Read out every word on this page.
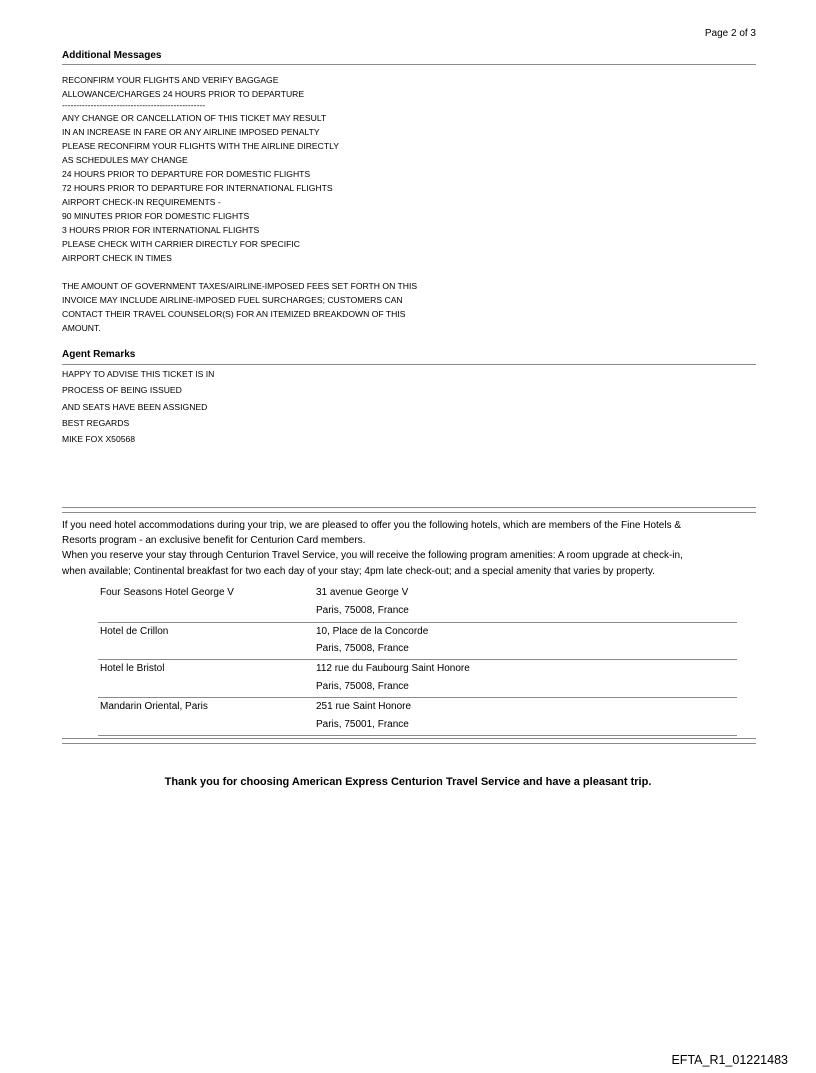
Page 2 of 3
Additional Messages
RECONFIRM YOUR FLIGHTS AND VERIFY BAGGAGE
ALLOWANCE/CHARGES 24 HOURS PRIOR TO DEPARTURE
--------------------------------------------------
ANY CHANGE OR CANCELLATION OF THIS TICKET MAY RESULT
IN AN INCREASE IN FARE OR ANY AIRLINE IMPOSED PENALTY
PLEASE RECONFIRM YOUR FLIGHTS WITH THE AIRLINE DIRECTLY
AS SCHEDULES MAY CHANGE
24 HOURS PRIOR TO DEPARTURE FOR DOMESTIC FLIGHTS
72 HOURS PRIOR TO DEPARTURE FOR INTERNATIONAL FLIGHTS
AIRPORT CHECK-IN REQUIREMENTS -
90 MINUTES PRIOR FOR DOMESTIC FLIGHTS
3 HOURS PRIOR FOR INTERNATIONAL FLIGHTS
PLEASE CHECK WITH CARRIER DIRECTLY FOR SPECIFIC
AIRPORT CHECK IN TIMES
THE AMOUNT OF GOVERNMENT TAXES/AIRLINE-IMPOSED FEES SET FORTH ON THIS
INVOICE MAY INCLUDE AIRLINE-IMPOSED FUEL SURCHARGES; CUSTOMERS CAN
CONTACT THEIR TRAVEL COUNSELOR(S) FOR AN ITEMIZED BREAKDOWN OF THIS
AMOUNT.
Agent Remarks
HAPPY TO ADVISE THIS TICKET IS IN
PROCESS OF BEING ISSUED
AND SEATS HAVE BEEN ASSIGNED
BEST REGARDS
MIKE FOX X50568
If you need hotel accommodations during your trip, we are pleased to offer you the following hotels, which are members of the Fine Hotels &
Resorts program - an exclusive benefit for Centurion Card members.
When you reserve your stay through Centurion Travel Service, you will receive the following program amenities: A room upgrade at check-in,
when available; Continental breakfast for two each day of your stay; 4pm late check-out; and a special amenity that varies by property.
Four Seasons Hotel George V	31 avenue George V
Paris, 75008, France
Hotel de Crillon	10, Place de la Concorde
Paris, 75008, France
Hotel le Bristol	112 rue du Faubourg Saint Honore
Paris, 75008, France
Mandarin Oriental, Paris	251 rue Saint Honore
Paris, 75001, France
Thank you for choosing American Express Centurion Travel Service and have a pleasant trip.
EFTA_R1_01221483
